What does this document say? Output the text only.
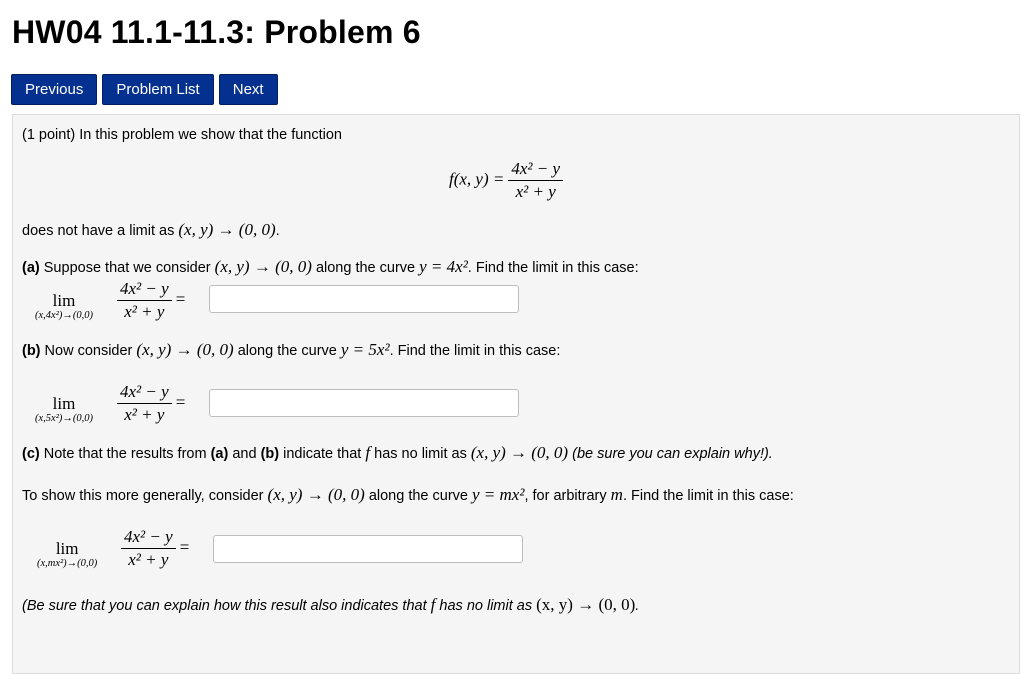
HW04 11.1-11.3: Problem 6
Previous	Problem List	Next
(1 point) In this problem we show that the function
f(x, $y) = \frac{\text{4x² − y}}{\text{x² + y}}$
does not have a limit as (x, y) → (0, 0).
(a) Suppose that we consider (x, y) → (0, 0) along the curve y = 4x². Find the limit in this case:
lim
$(x,4x^2)\to(0,0) \frac{\text{4x² − y}}{\text{x² + y}}$ =
(b) Now consider (x, y) → (0, 0) along the curve y = 5x². Find the limit in this case:
lim
$(x,5x^2)\to(0,0) \frac{\text{4x² − y}}{\text{x² + y}}$ =
(c) Note that the results from (a) and (b) indicate that f has no limit as (x, y) → (0, 0) (be sure you can explain why!).
To show this more generally, consider (x, y) → (0, 0) along the curve y = mx², for arbitrary m. Find the limit in this case:
lim
$(x,mx^2)\to(0,0) \frac{\text{4x² − y}}{\text{x² + y}}$ =
(Be sure that you can explain how this result also indicates that f has no limit as (x, y) → (0, 0).
